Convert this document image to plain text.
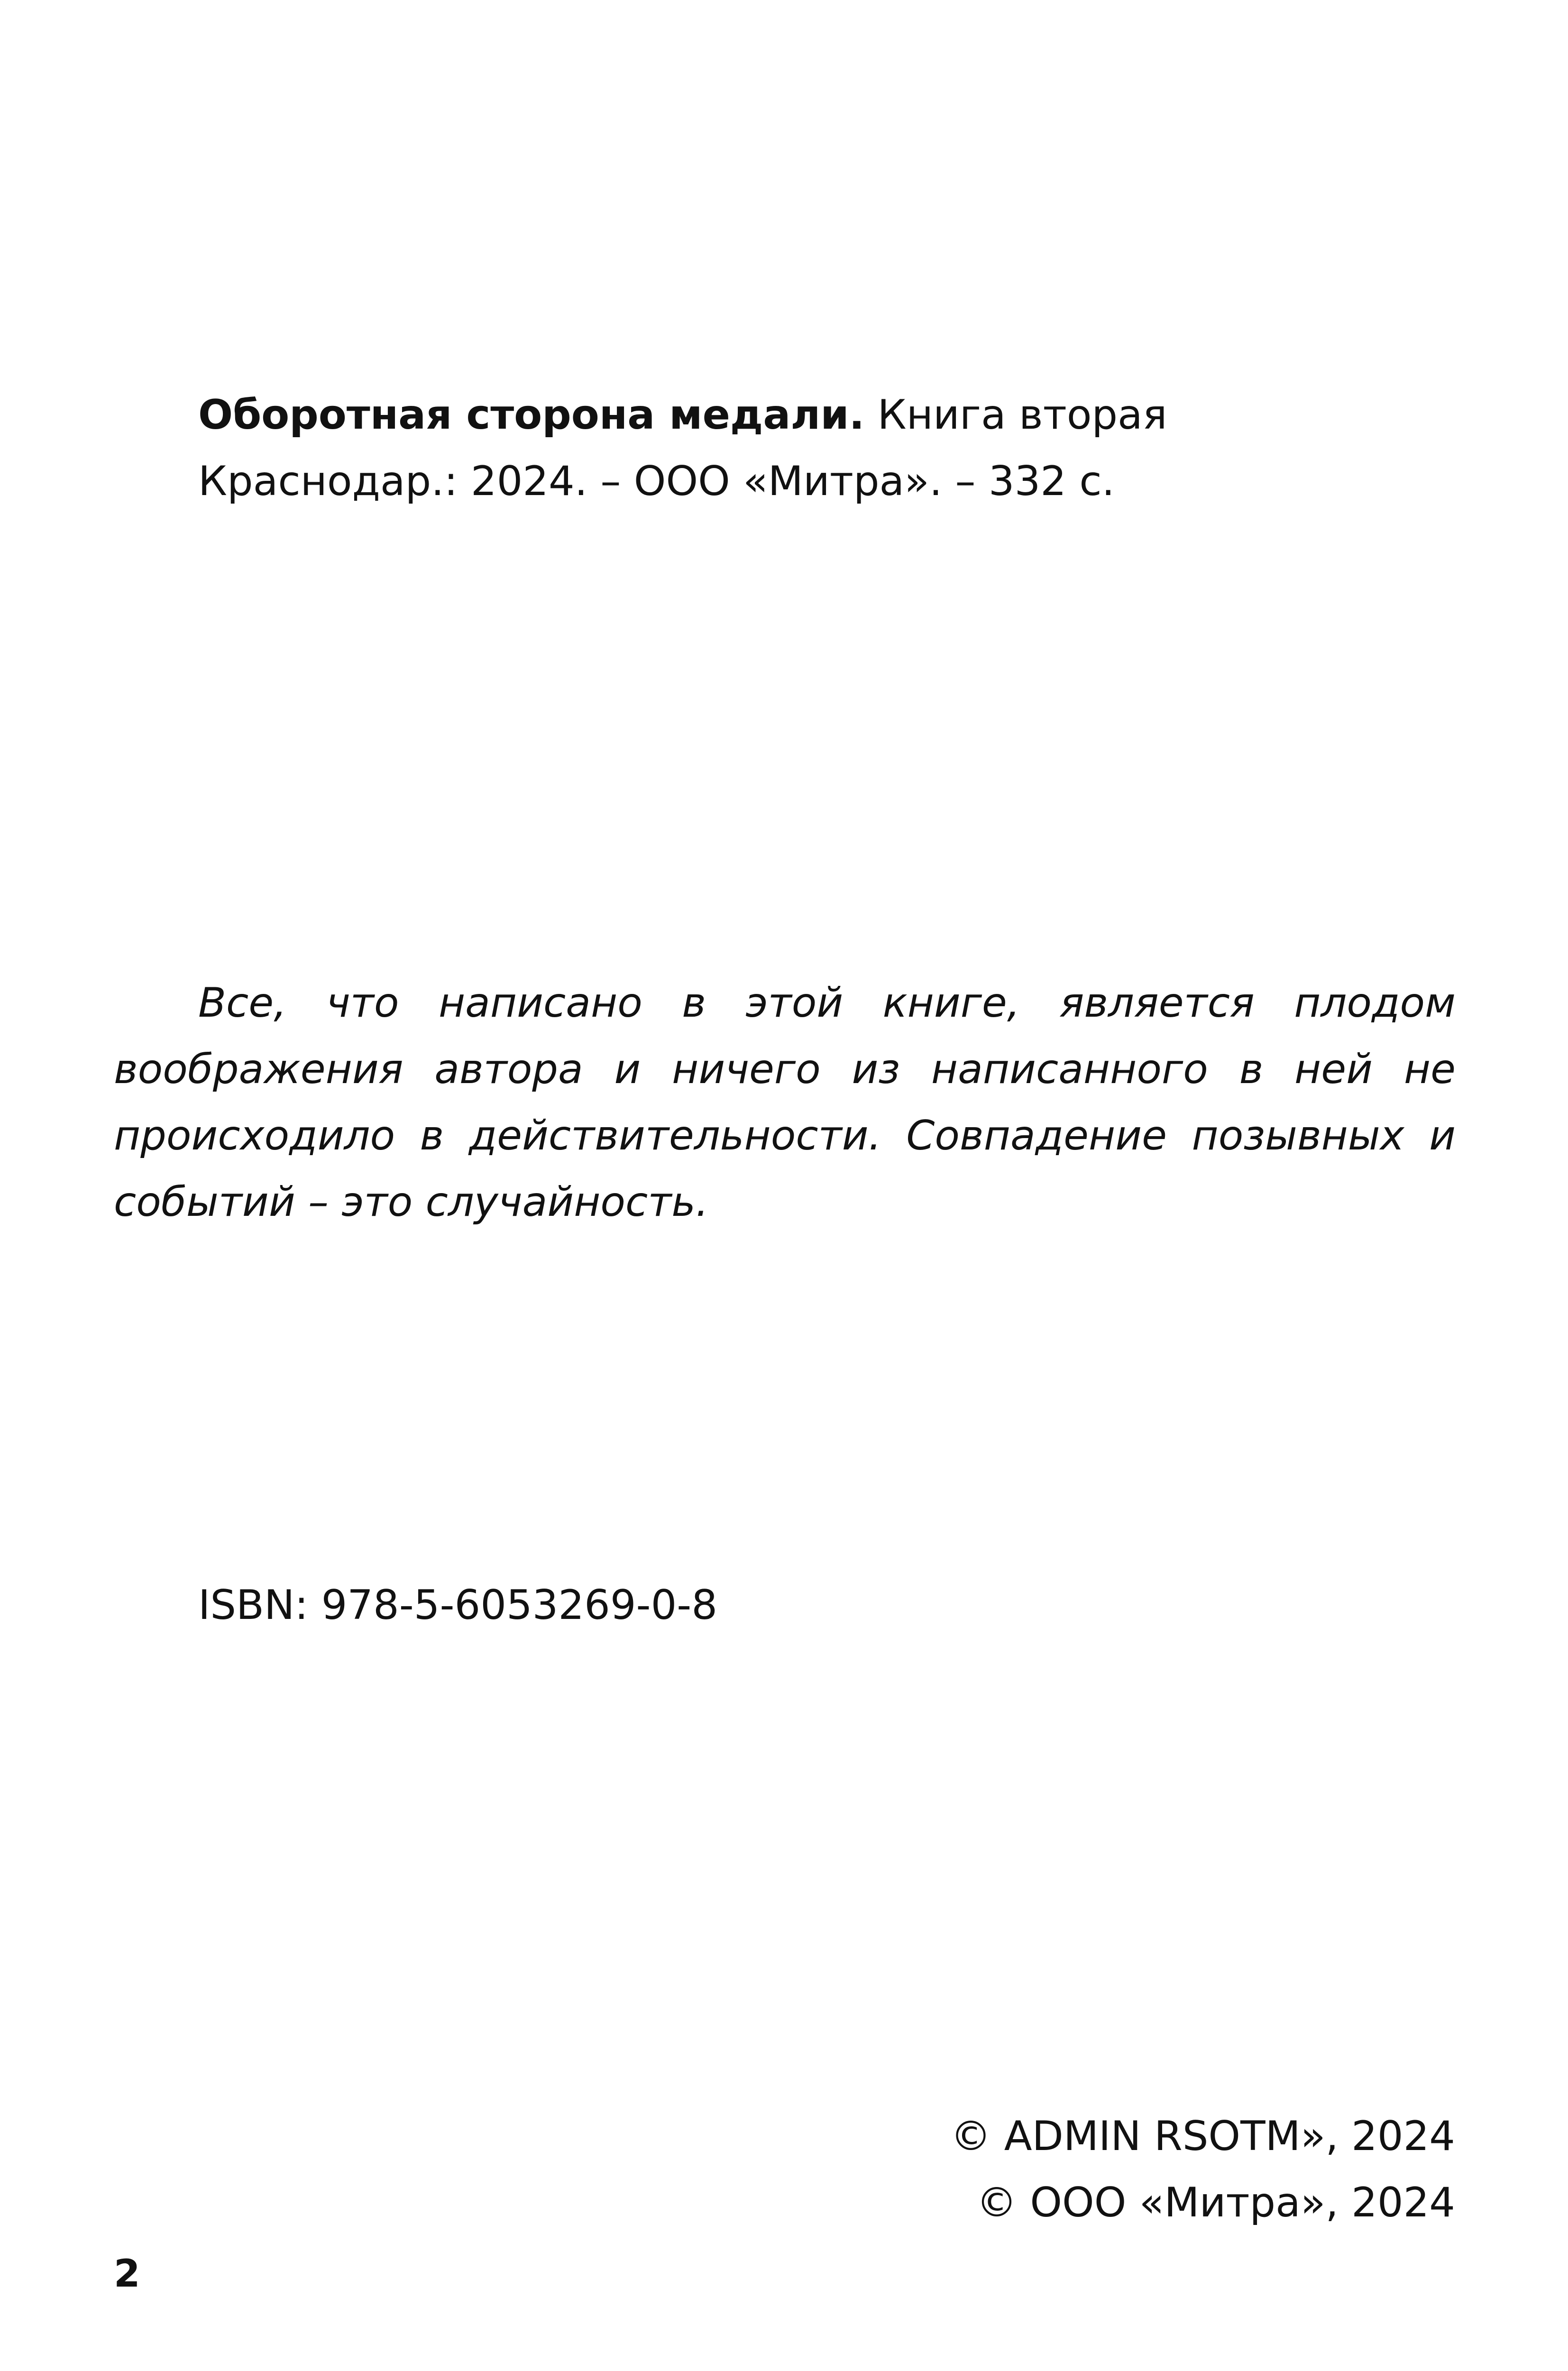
Оборотная сторона медали. Книга вторая
Краснодар.: 2024. – ООО «Митра». – 332 с.

Все, что написано в этой книге, является плодом воображения автора и ничего из написанного в ней не происходило в действительности. Совпадение позывных и событий – это случайность.

ISBN: 978-5-6053269-0-8
© ADMIN RSOTM», 2024
© ООО «Митра», 2024
2
